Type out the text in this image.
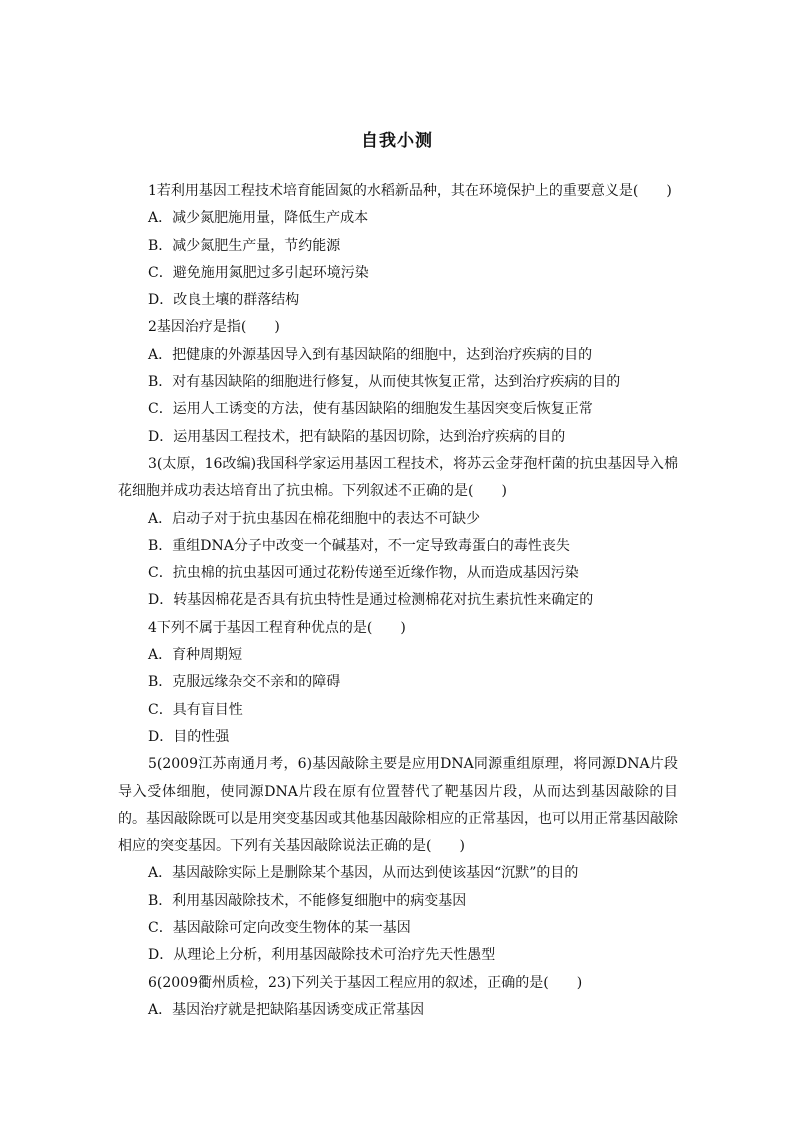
自我小测
1若利用基因工程技术培育能固氮的水稻新品种，其在环境保护上的重要意义是(　　)
A．减少氮肥施用量，降低生产成本
B．减少氮肥生产量，节约能源
C．避免施用氮肥过多引起环境污染
D．改良土壤的群落结构
2基因治疗是指(　　)
A．把健康的外源基因导入到有基因缺陷的细胞中，达到治疗疾病的目的
B．对有基因缺陷的细胞进行修复，从而使其恢复正常，达到治疗疾病的目的
C．运用人工诱变的方法，使有基因缺陷的细胞发生基因突变后恢复正常
D．运用基因工程技术，把有缺陷的基因切除，达到治疗疾病的目的
3(太原，16改编)我国科学家运用基因工程技术，将苏云金芽孢杆菌的抗虫基因导入棉花细胞并成功表达培育出了抗虫棉。下列叙述不正确的是(　　)
A．启动子对于抗虫基因在棉花细胞中的表达不可缺少
B．重组DNA分子中改变一个碱基对，不一定导致毒蛋白的毒性丧失
C．抗虫棉的抗虫基因可通过花粉传递至近缘作物，从而造成基因污染
D．转基因棉花是否具有抗虫特性是通过检测棉花对抗生素抗性来确定的
4下列不属于基因工程育种优点的是(　　)
A．育种周期短
B．克服远缘杂交不亲和的障碍
C．具有盲目性
D．目的性强
5(2009江苏南通月考，6)基因敲除主要是应用DNA同源重组原理，将同源DNA片段导入受体细胞，使同源DNA片段在原有位置替代了靶基因片段，从而达到基因敲除的目的。基因敲除既可以是用突变基因或其他基因敲除相应的正常基因，也可以用正常基因敲除相应的突变基因。下列有关基因敲除说法正确的是(　　)
A．基因敲除实际上是删除某个基因，从而达到使该基因“沉默”的目的
B．利用基因敲除技术，不能修复细胞中的病变基因
C．基因敲除可定向改变生物体的某一基因
D．从理论上分析，利用基因敲除技术可治疗先天性愚型
6(2009衢州质检，23)下列关于基因工程应用的叙述，正确的是(　　)
A．基因治疗就是把缺陷基因诱变成正常基因
